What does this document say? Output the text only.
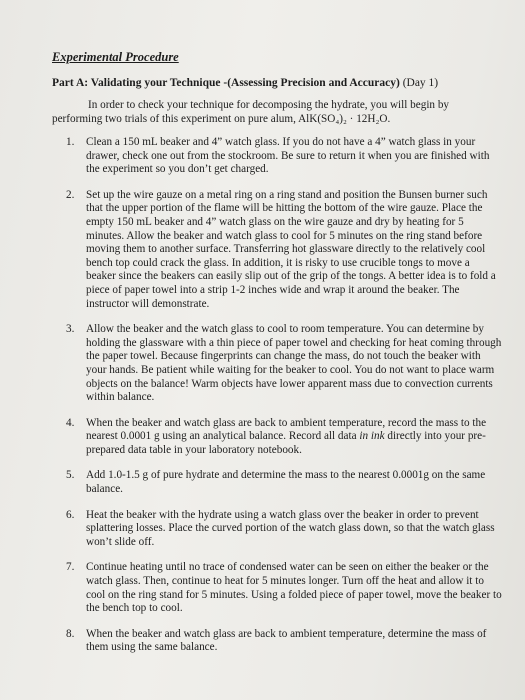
Experimental Procedure
Part A: Validating your Technique -(Assessing Precision and Accuracy) (Day 1)

In order to check your technique for decomposing the hydrate, you will begin by performing two trials of this experiment on pure alum, AlK(SO₄)₂ · 12H₂O.

1. Clean a 150 mL beaker and 4” watch glass. If you do not have a 4” watch glass in your drawer, check one out from the stockroom. Be sure to return it when you are finished with the experiment so you don’t get charged.
2. Set up the wire gauze on a metal ring on a ring stand and position the Bunsen burner such that the upper portion of the flame will be hitting the bottom of the wire gauze. Place the empty 150 mL beaker and 4” watch glass on the wire gauze and dry by heating for 5 minutes. Allow the beaker and watch glass to cool for 5 minutes on the ring stand before moving them to another surface. Transferring hot glassware directly to the relatively cool bench top could crack the glass. In addition, it is risky to use crucible tongs to move a beaker since the beakers can easily slip out of the grip of the tongs. A better idea is to fold a piece of paper towel into a strip 1-2 inches wide and wrap it around the beaker. The instructor will demonstrate.
3. Allow the beaker and the watch glass to cool to room temperature. You can determine by holding the glassware with a thin piece of paper towel and checking for heat coming through the paper towel. Because fingerprints can change the mass, do not touch the beaker with your hands. Be patient while waiting for the beaker to cool. You do not want to place warm objects on the balance! Warm objects have lower apparent mass due to convection currents within balance.
4. When the beaker and watch glass are back to ambient temperature, record the mass to the nearest 0.0001 g using an analytical balance. Record all data in ink directly into your pre-prepared data table in your laboratory notebook.
5. Add 1.0-1.5 g of pure hydrate and determine the mass to the nearest 0.0001g on the same balance.
6. Heat the beaker with the hydrate using a watch glass over the beaker in order to prevent splattering losses. Place the curved portion of the watch glass down, so that the watch glass won’t slide off.
7. Continue heating until no trace of condensed water can be seen on either the beaker or the watch glass. Then, continue to heat for 5 minutes longer. Turn off the heat and allow it to cool on the ring stand for 5 minutes. Using a folded piece of paper towel, move the beaker to the bench top to cool.
8. When the beaker and watch glass are back to ambient temperature, determine the mass of them using the same balance.
